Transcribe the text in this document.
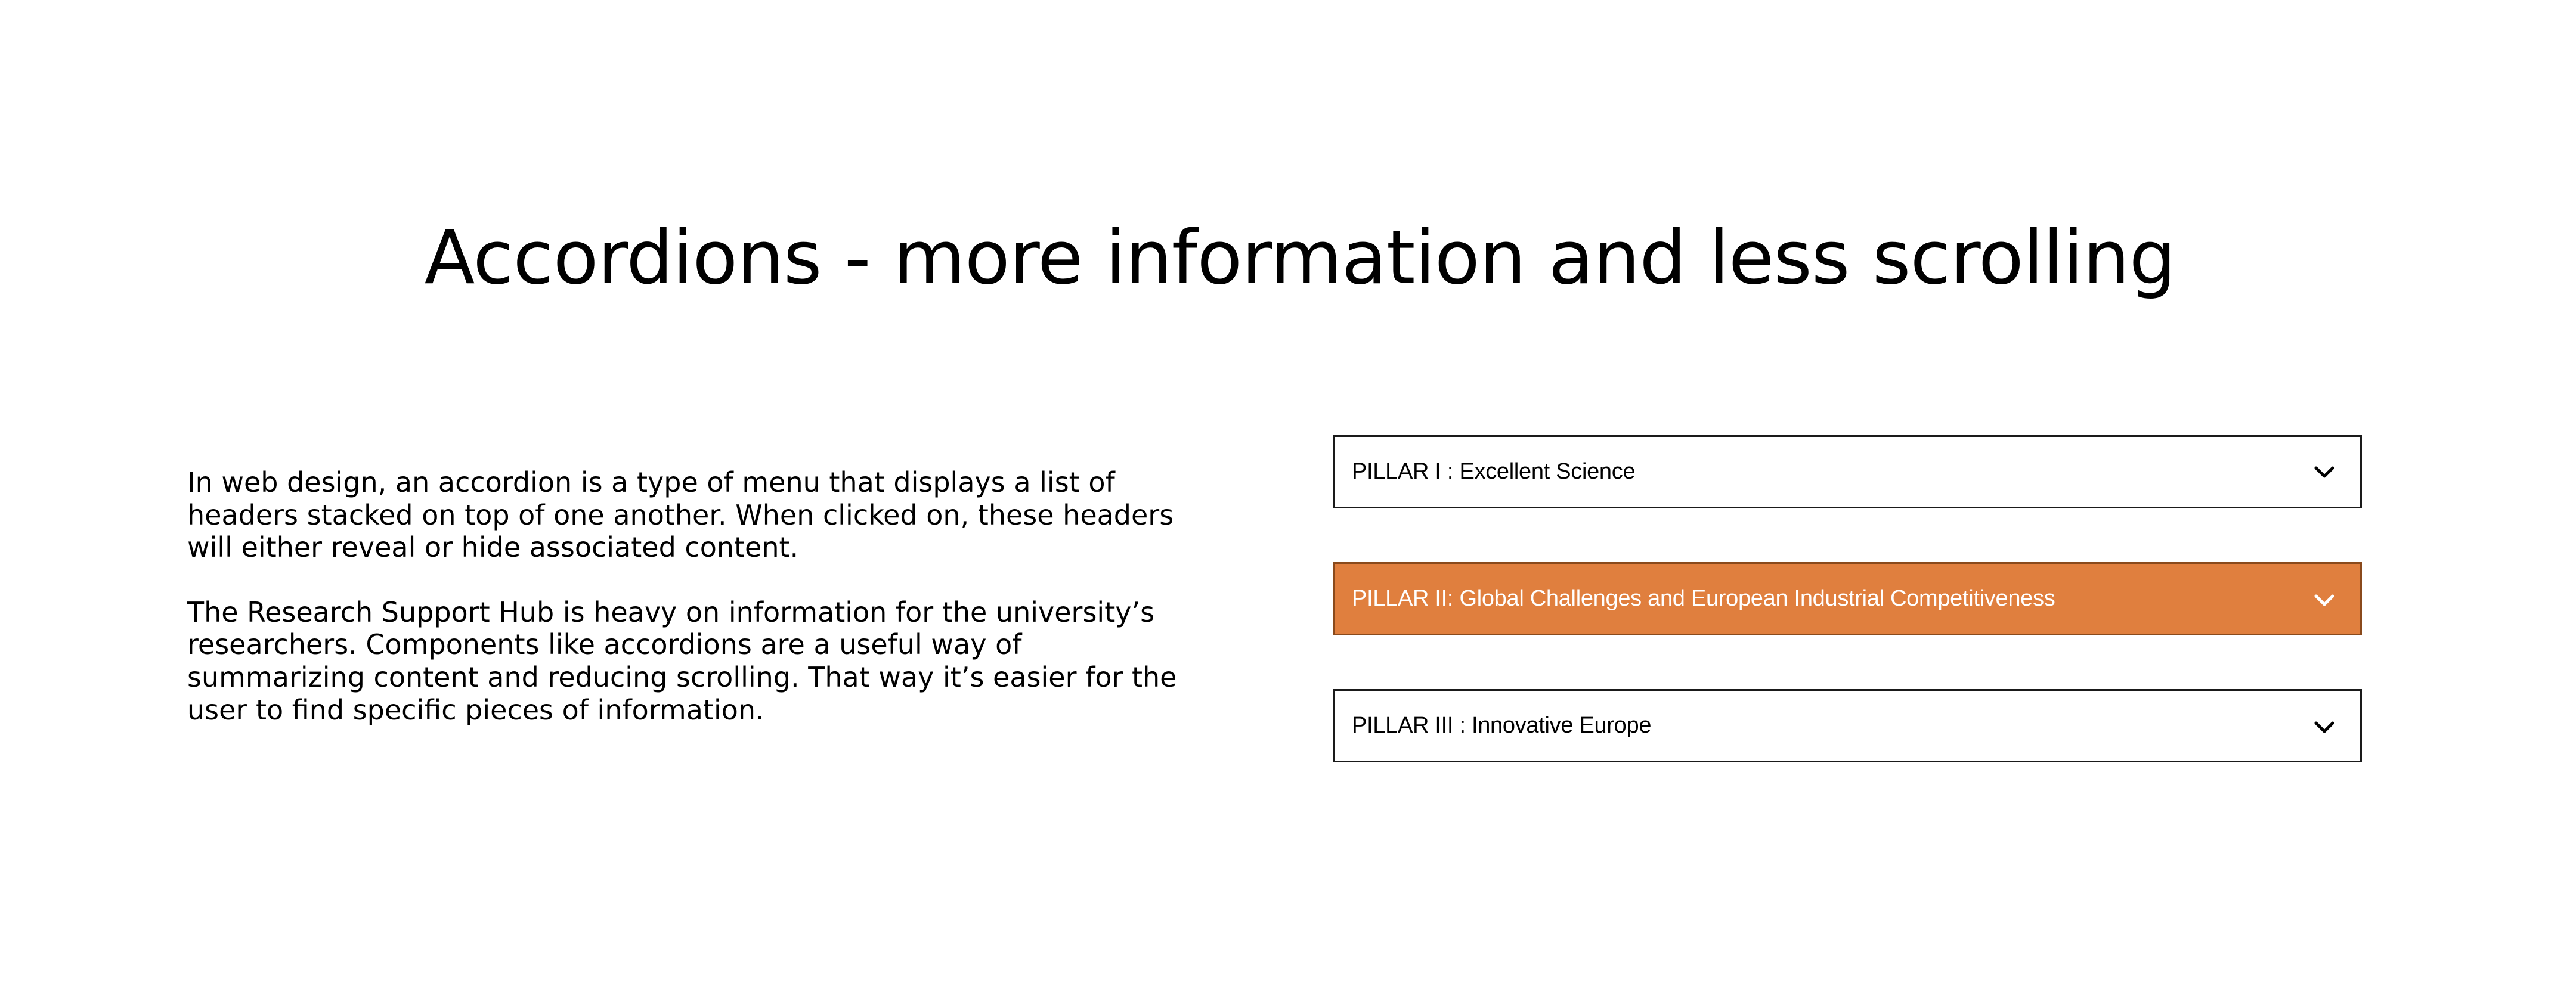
Accordions - more information and less scrolling

In web design, an accordion is a type of menu that displays a list of headers stacked on top of one another. When clicked on, these headers will either reveal or hide associated content.

The Research Support Hub is heavy on information for the university’s researchers. Components like accordions are a useful way of summarizing content and reducing scrolling. That way it’s easier for the user to find specific pieces of information.

PILLAR I : Excellent Science
PILLAR II: Global Challenges and European Industrial Competitiveness
PILLAR III : Innovative Europe
